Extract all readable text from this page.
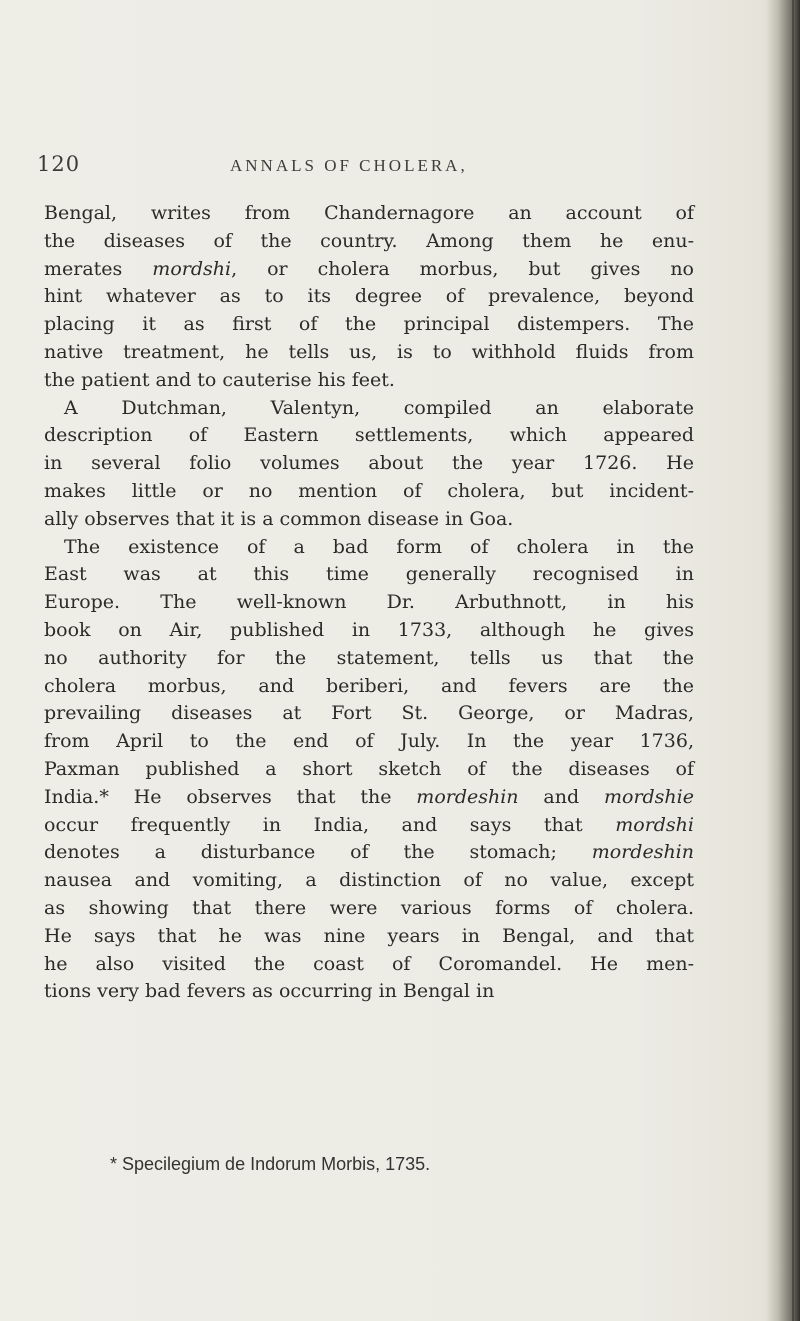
120	ANNALS OF CHOLERA,
Bengal, writes from Chandernagore an account of
the diseases of the country. Among them he enu-
merates mordshi, or cholera morbus, but gives no
hint whatever as to its degree of prevalence, beyond
placing it as first of the principal distempers. The
native treatment, he tells us, is to withhold fluids from
the patient and to cauterise his feet.
A Dutchman, Valentyn, compiled an elaborate
description of Eastern settlements, which appeared
in several folio volumes about the year 1726. He
makes little or no mention of cholera, but incident-
ally observes that it is a common disease in Goa.
The existence of a bad form of cholera in the
East was at this time generally recognised in
Europe. The well-known Dr. Arbuthnott, in his
book on Air, published in 1733, although he gives
no authority for the statement, tells us that the
cholera morbus, and beriberi, and fevers are the
prevailing diseases at Fort St. George, or Madras,
from April to the end of July. In the year 1736,
Paxman published a short sketch of the diseases of
India.* He observes that the mordeshin and mordshie
occur frequently in India, and says that mordshi
denotes a disturbance of the stomach; mordeshin
nausea and vomiting, a distinction of no value, except
as showing that there were various forms of cholera.
He says that he was nine years in Bengal, and that
he also visited the coast of Coromandel. He men-
tions very bad fevers as occurring in Bengal in
* Specilegium de Indorum Morbis, 1735.
